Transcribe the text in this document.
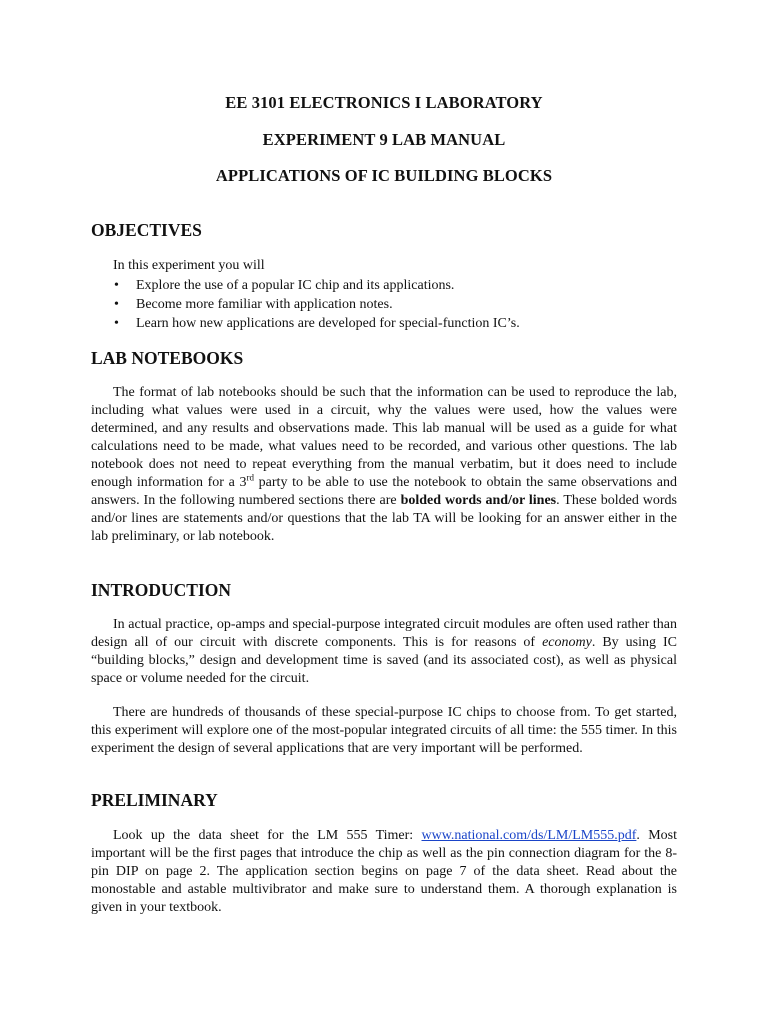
EE 3101 ELECTRONICS I LABORATORY
EXPERIMENT 9 LAB MANUAL
APPLICATIONS OF IC BUILDING BLOCKS
OBJECTIVES
In this experiment you will
• Explore the use of a popular IC chip and its applications.
• Become more familiar with application notes.
• Learn how new applications are developed for special-function IC’s.
LAB NOTEBOOKS

The format of lab notebooks should be such that the information can be used to reproduce the lab, including what values were used in a circuit, why the values were used, how the values were determined, and any results and observations made. This lab manual will be used as a guide for what calculations need to be made, what values need to be recorded, and various other questions. The lab notebook does not need to repeat everything from the manual verbatim, but it does need to include enough information for a 3rd party to be able to use the notebook to obtain the same observations and answers. In the following numbered sections there are bolded words and/or lines. These bolded words and/or lines are statements and/or questions that the lab TA will be looking for an answer either in the lab preliminary, or lab notebook.

INTRODUCTION

In actual practice, op-amps and special-purpose integrated circuit modules are often used rather than design all of our circuit with discrete components. This is for reasons of economy. By using IC “building blocks,” design and development time is saved (and its associated cost), as well as physical space or volume needed for the circuit.

There are hundreds of thousands of these special-purpose IC chips to choose from. To get started, this experiment will explore one of the most-popular integrated circuits of all time: the 555 timer. In this experiment the design of several applications that are very important will be performed.

PRELIMINARY

Look up the data sheet for the LM 555 Timer: www.national.com/ds/LM/LM555.pdf. Most important will be the first pages that introduce the chip as well as the pin connection diagram for the 8-pin DIP on page 2. The application section begins on page 7 of the data sheet. Read about the monostable and astable multivibrator and make sure to understand them. A thorough explanation is given in your textbook.
